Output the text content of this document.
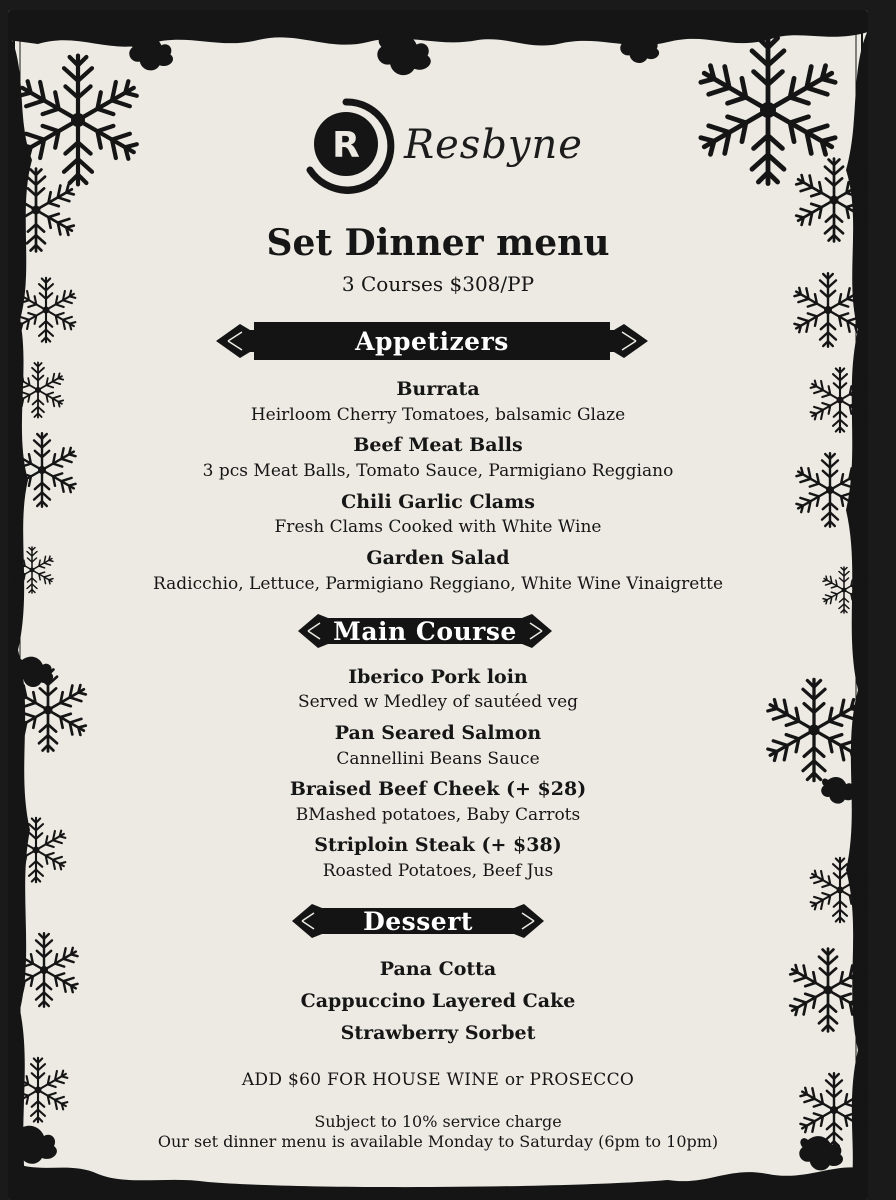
R Resbyne
Set Dinner menu
3 Courses $308/PP
Appetizers
Burrata
Heirloom Cherry Tomatoes, balsamic Glaze
Beef Meat Balls
3 pcs Meat Balls, Tomato Sauce, Parmigiano Reggiano
Chili Garlic Clams
Fresh Clams Cooked with White Wine
Garden Salad
Radicchio, Lettuce, Parmigiano Reggiano, White Wine Vinaigrette
Main Course
Iberico Pork loin
Served w Medley of sautéed veg
Pan Seared Salmon
Cannellini Beans Sauce
Braised Beef Cheek (+ $28)
BMashed potatoes, Baby Carrots
Striploin Steak (+ $38)
Roasted Potatoes, Beef Jus
Dessert
Pana Cotta
Cappuccino Layered Cake
Strawberry Sorbet
ADD $60 FOR HOUSE WINE or PROSECCO
Subject to 10% service charge
Our set dinner menu is available Monday to Saturday (6pm to 10pm)
